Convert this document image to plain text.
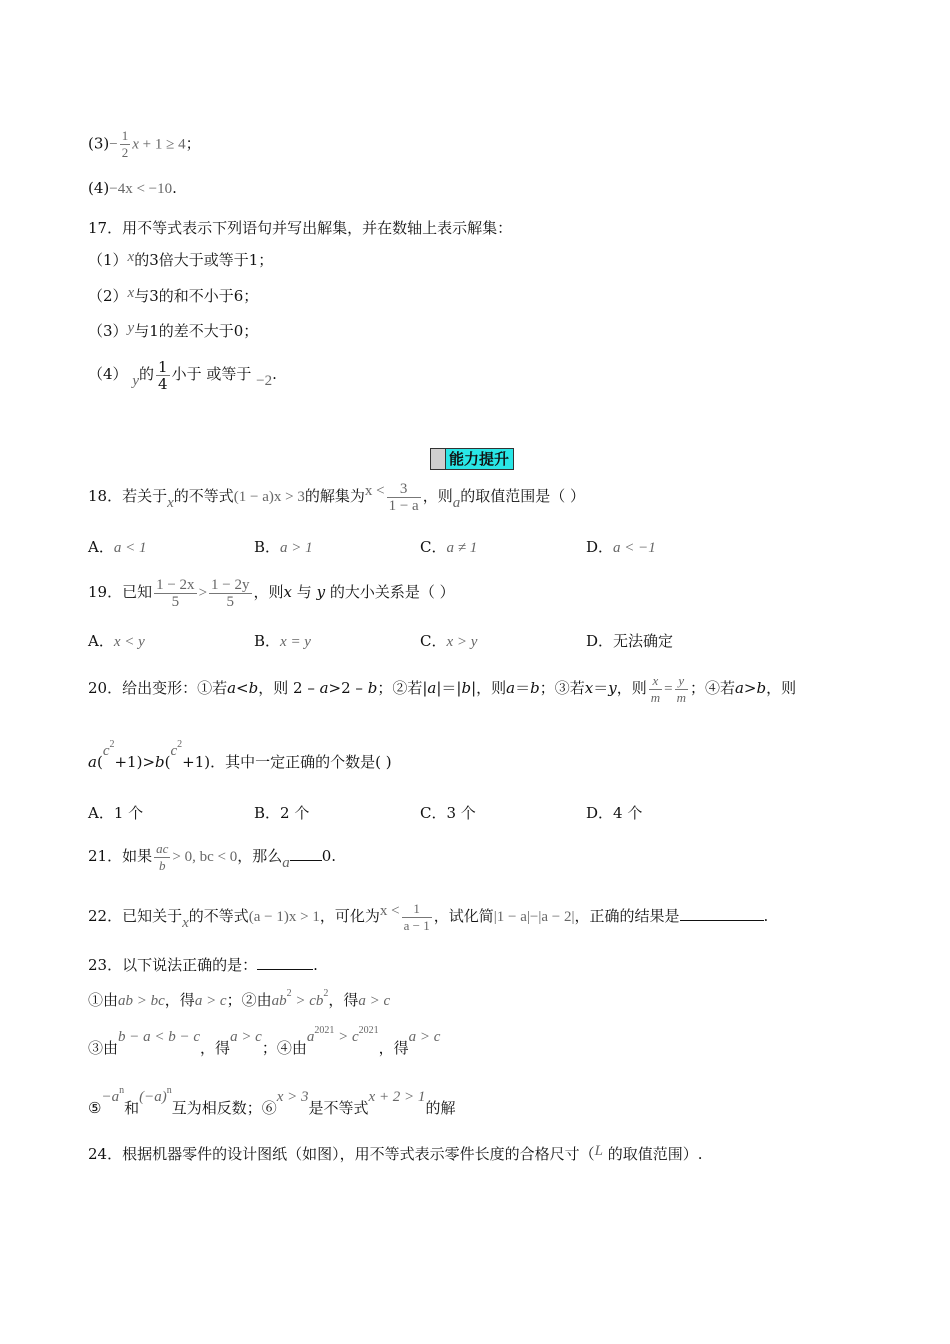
$(3)- \frac{1}{2}$ x + 1 ≥ 4；
(4)−4x < −10.
17．用不等式表示下列语句并写出解集，并在数轴上表示解集：
（1）x的3倍大于或等于1；
（2）x与3的和不小于6；
（3）y与1的差不大于0；
（4） y的 $\frac{1}{4}$ 小于 或等于 −2.
能力提升
18．若关于x的不等式(1 − a)x > 3的解集为$x < \frac{3}{1 - a}$ ，则a的取值范围是（ ）
A．a < 1	B．a > 1	C．a ≠ 1	D．a < −1
19．已知 $\frac{1 - 2x}{5} > \frac{1 - 2y}{5}$ ，则x 与 y 的大小关系是（ ）
A．x < y	B．x = y	C．x > y	D．无法确定
20．给出变形：①若a<b，则 2 – a>2 – b；②若|a|＝|b|，则a＝b；③若x＝y，则 $\frac{x}{m} = \frac{y}{m}$ ；④若a>b，则
$a(c^2+1)>b(c^2+1)$．其中一定正确的个数是( )
A．1 个	B．2 个	C．3 个	D．4 个
21．如果 $\frac{ac}{b} > 0$, bc < 0，那么a 0.
22．已知关于x的不等式(a − 1)x > 1，可化为$x < \frac{1}{a - 1}$ ，试化简|1 − a|−|a − 2|，正确的结果是	.
23．以下说法正确的是：	.
①由ab > bc，得a > c；②由$ab^2 > cb^2$，得a > c
③由b − a < b − c，得a > c；④由$a^{2021} > c^{2021}$，得a > c
$⑤-a^n$和$(-a)^n$互为相反数；⑥x > 3是不等式x + 2 > 1的解
24．根据机器零件的设计图纸（如图），用不等式表示零件长度的合格尺寸（L 的取值范围）.
